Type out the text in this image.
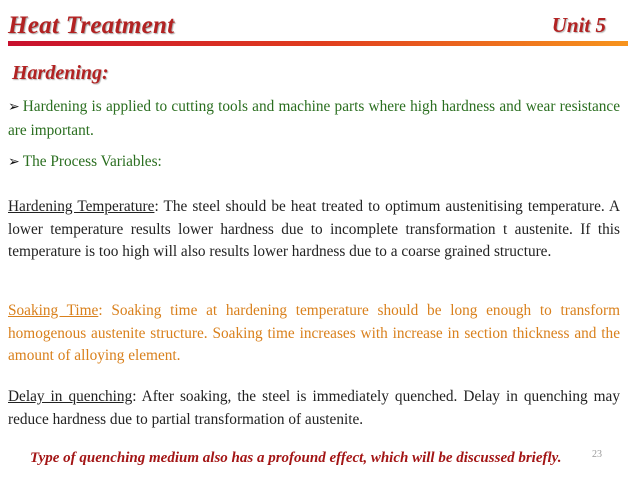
Heat Treatment	Unit 5
Hardening:
➢ Hardening is applied to cutting tools and machine parts where high hardness and wear resistance are important.
➢ The Process Variables:
Hardening Temperature: The steel should be heat treated to optimum austenitising temperature. A lower temperature results lower hardness due to incomplete transformation t austenite. If this temperature is too high will also results lower hardness due to a coarse grained structure.
Soaking Time: Soaking time at hardening temperature should be long enough to transform homogenous austenite structure. Soaking time increases with increase in section thickness and the amount of alloying element.
Delay in quenching: After soaking, the steel is immediately quenched. Delay in quenching may reduce hardness due to partial transformation of austenite.
Type of quenching medium also has a profound effect, which will be discussed briefly.	23
